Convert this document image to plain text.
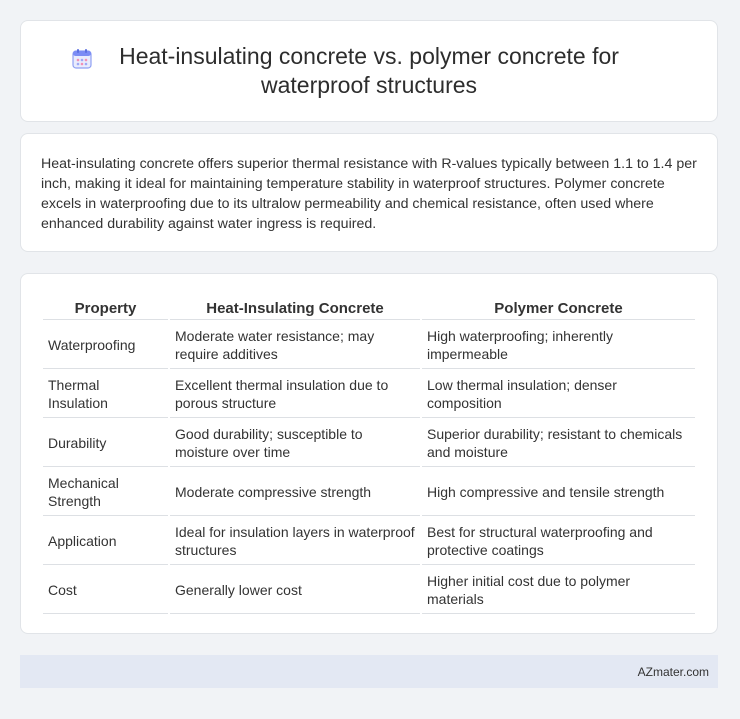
Heat-insulating concrete vs. polymer concrete for
waterproof structures

Heat-insulating concrete offers superior thermal resistance with R-values typically between 1.1 to 1.4 per inch, making it ideal for maintaining temperature stability in waterproof structures. Polymer concrete excels in waterproofing due to its ultralow permeability and chemical resistance, often used where enhanced durability against water ingress is required.

Property	Heat-Insulating Concrete	Polymer Concrete
Waterproofing	Moderate water resistance; may require additives	High waterproofing; inherently impermeable
Thermal Insulation	Excellent thermal insulation due to porous structure	Low thermal insulation; denser composition
Durability	Good durability; susceptible to moisture over time	Superior durability; resistant to chemicals and moisture
Mechanical Strength	Moderate compressive strength	High compressive and tensile strength
Application	Ideal for insulation layers in waterproof structures	Best for structural waterproofing and protective coatings
Cost	Generally lower cost	Higher initial cost due to polymer materials
AZmater.com
